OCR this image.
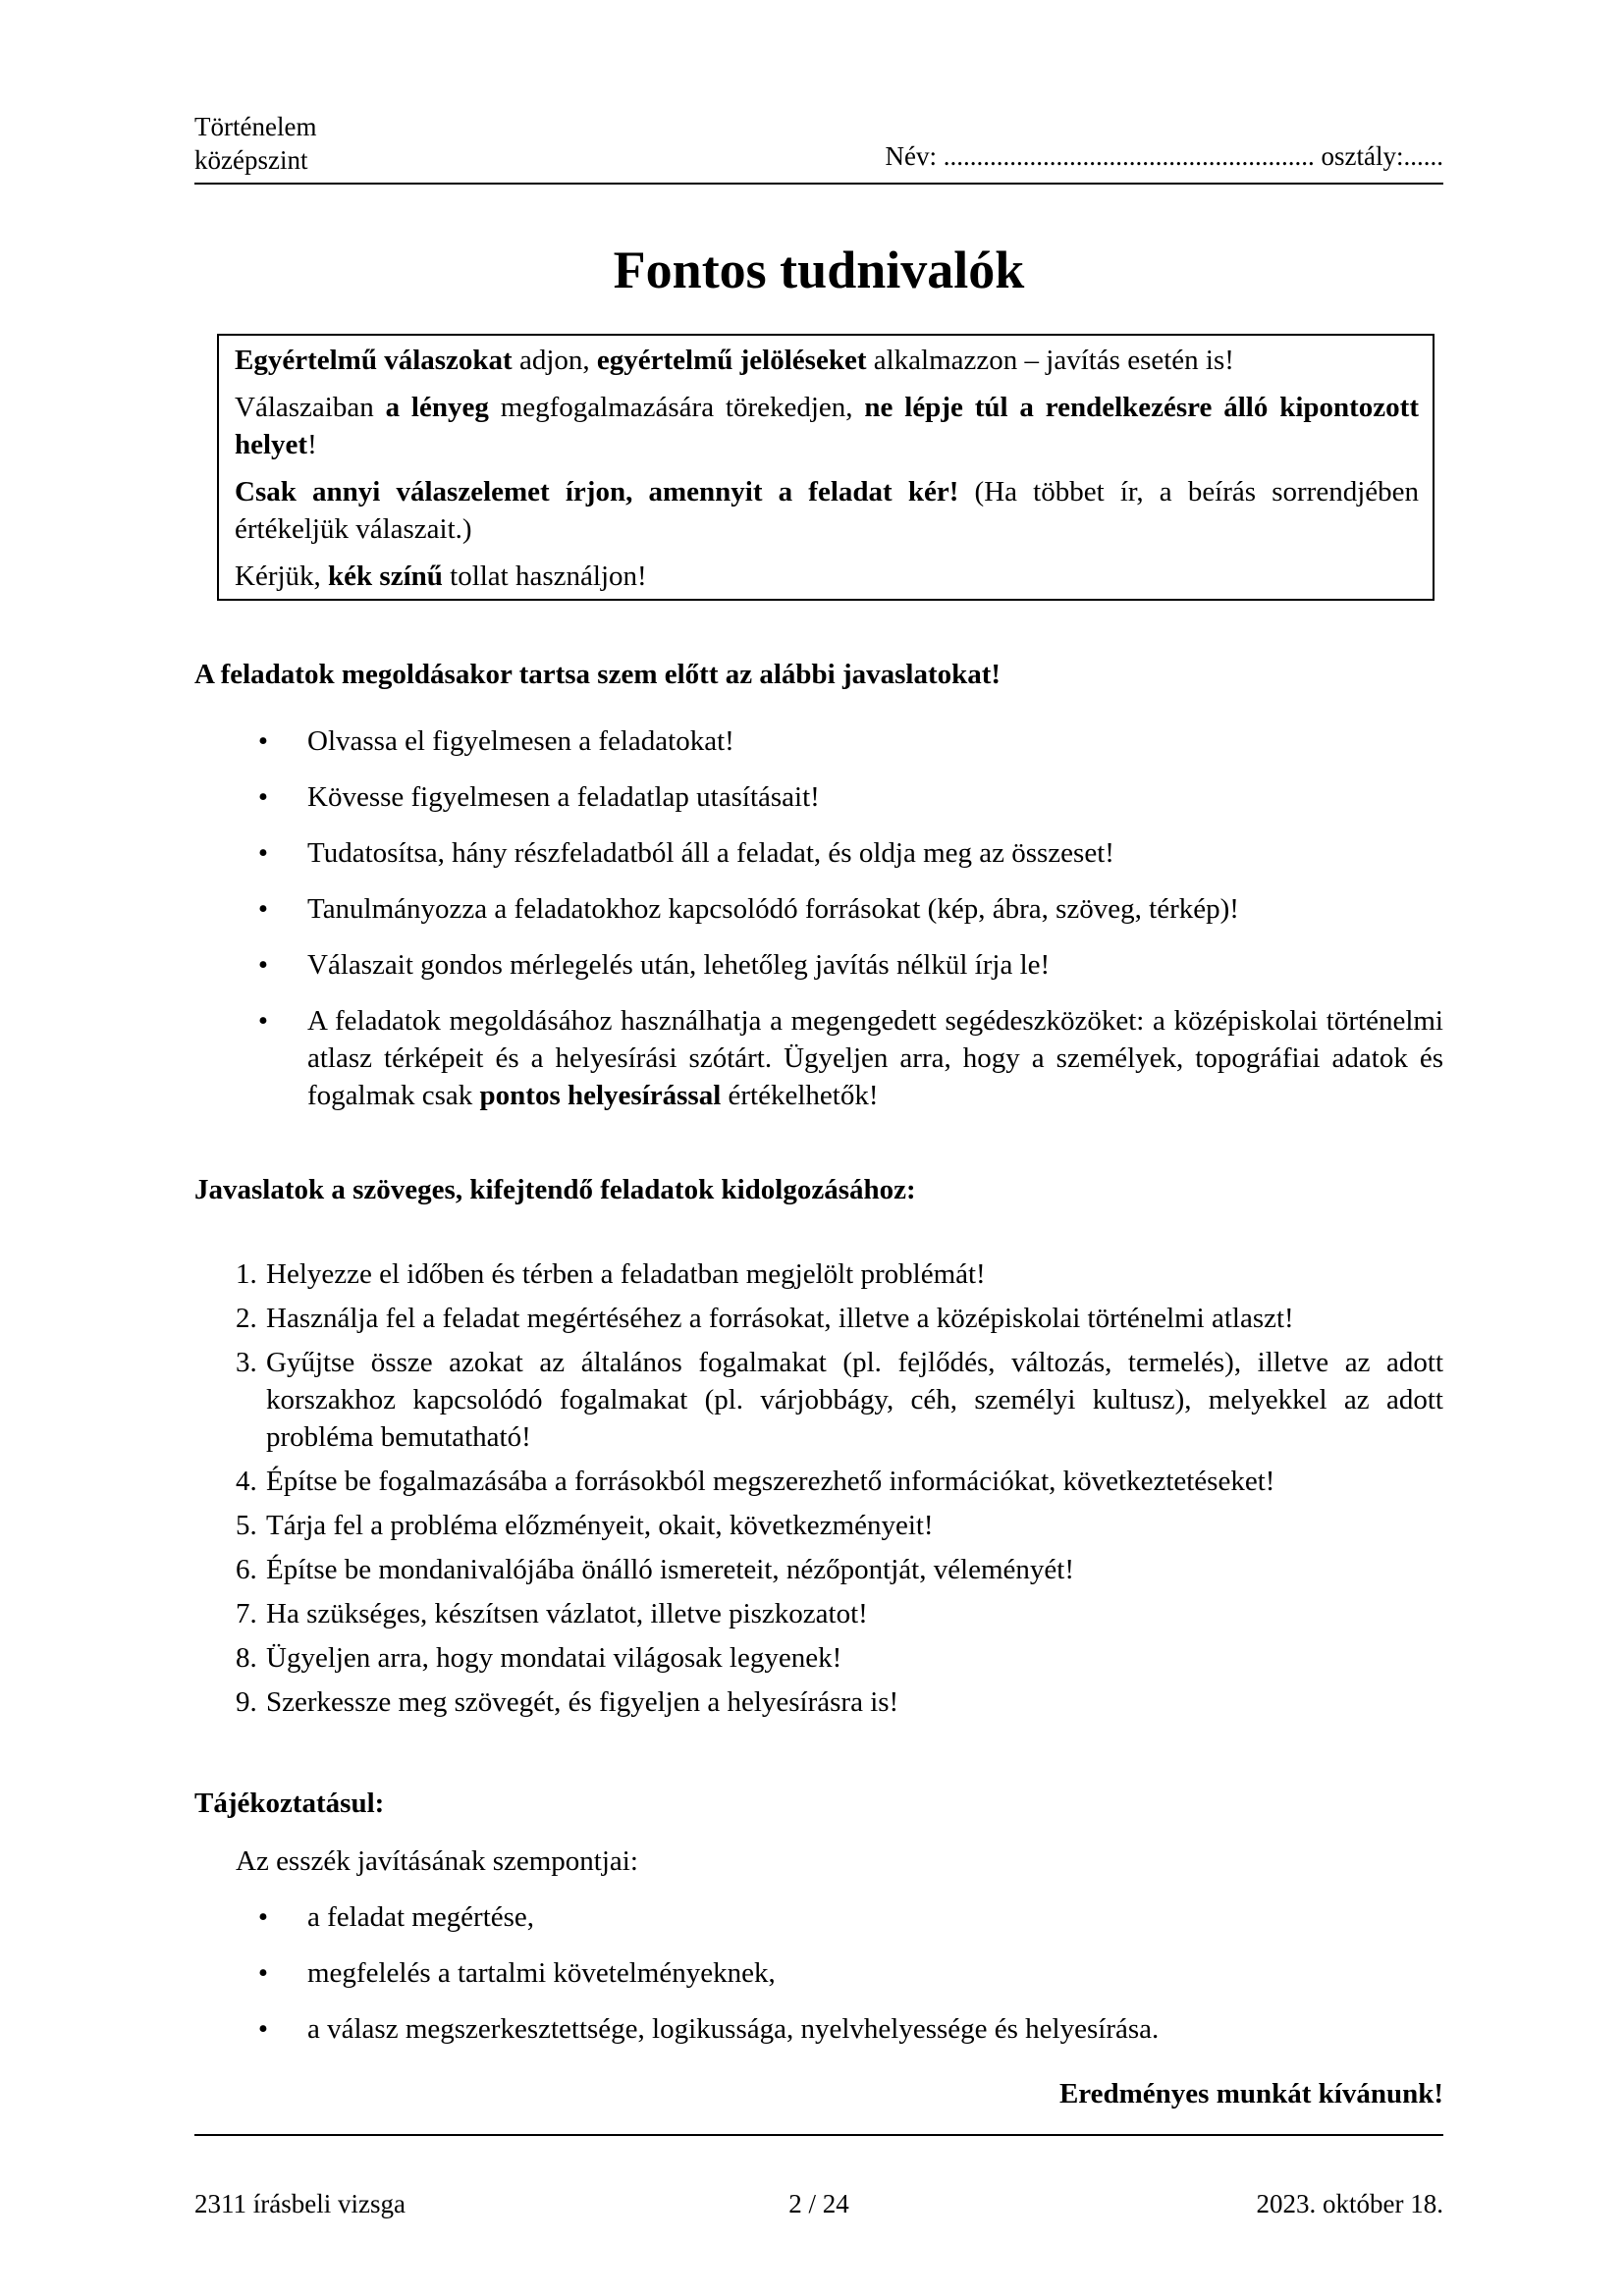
Történelem
középszint	Név: ........................................................ osztály:......
Fontos tudnivalók

Egyértelmű válaszokat adjon, egyértelmű jelöléseket alkalmazzon – javítás esetén is!

Válaszaiban a lényeg megfogalmazására törekedjen, ne lépje túl a rendelkezésre álló kipontozott helyet!

Csak annyi válaszelemet írjon, amennyit a feladat kér! (Ha többet ír, a beírás sorrendjében értékeljük válaszait.)

Kérjük, kék színű tollat használjon!

A feladatok megoldásakor tartsa szem előtt az alábbi javaslatokat!
• Olvassa el figyelmesen a feladatokat!
• Kövesse figyelmesen a feladatlap utasításait!
• Tudatosítsa, hány részfeladatból áll a feladat, és oldja meg az összeset!
• Tanulmányozza a feladatokhoz kapcsolódó forrásokat (kép, ábra, szöveg, térkép)!
• Válaszait gondos mérlegelés után, lehetőleg javítás nélkül írja le!
• A feladatok megoldásához használhatja a megengedett segédeszközöket: a középiskolai történelmi atlasz térképeit és a helyesírási szótárt. Ügyeljen arra, hogy a személyek, topográfiai adatok és fogalmak csak pontos helyesírással értékelhetők!
Javaslatok a szöveges, kifejtendő feladatok kidolgozásához:
1. Helyezze el időben és térben a feladatban megjelölt problémát!
2. Használja fel a feladat megértéséhez a forrásokat, illetve a középiskolai történelmi atlaszt!
3. Gyűjtse össze azokat az általános fogalmakat (pl. fejlődés, változás, termelés), illetve az adott korszakhoz kapcsolódó fogalmakat (pl. várjobbágy, céh, személyi kultusz), melyekkel az adott probléma bemutatható!
4. Építse be fogalmazásába a forrásokból megszerezhető információkat, következtetéseket!
5. Tárja fel a probléma előzményeit, okait, következményeit!
6. Építse be mondanivalójába önálló ismereteit, nézőpontját, véleményét!
7. Ha szükséges, készítsen vázlatot, illetve piszkozatot!
8. Ügyeljen arra, hogy mondatai világosak legyenek!
9. Szerkessze meg szövegét, és figyeljen a helyesírásra is!
Tájékoztatásul:
Az esszék javításának szempontjai:
• a feladat megértése,
• megfelelés a tartalmi követelményeknek,
• a válasz megszerkesztettsége, logikussága, nyelvhelyessége és helyesírása.
Eredményes munkát kívánunk!
2311 írásbeli vizsga	2 / 24	2023. október 18.
